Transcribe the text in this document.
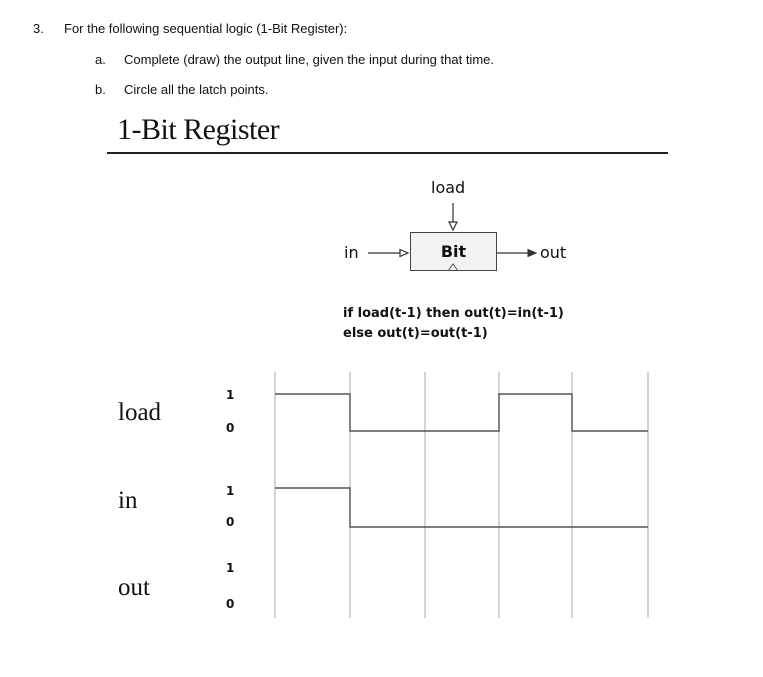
3. For the following sequential logic (1-Bit Register):
a. Complete (draw) the output line, given the input during that time.
b. Circle all the latch points.
1-Bit Register
load
in	out
Bit
if load(t-1) then out(t)=in(t-1)
else out(t)=out(t-1)
load
in
out
1
0
1
0
1
0
